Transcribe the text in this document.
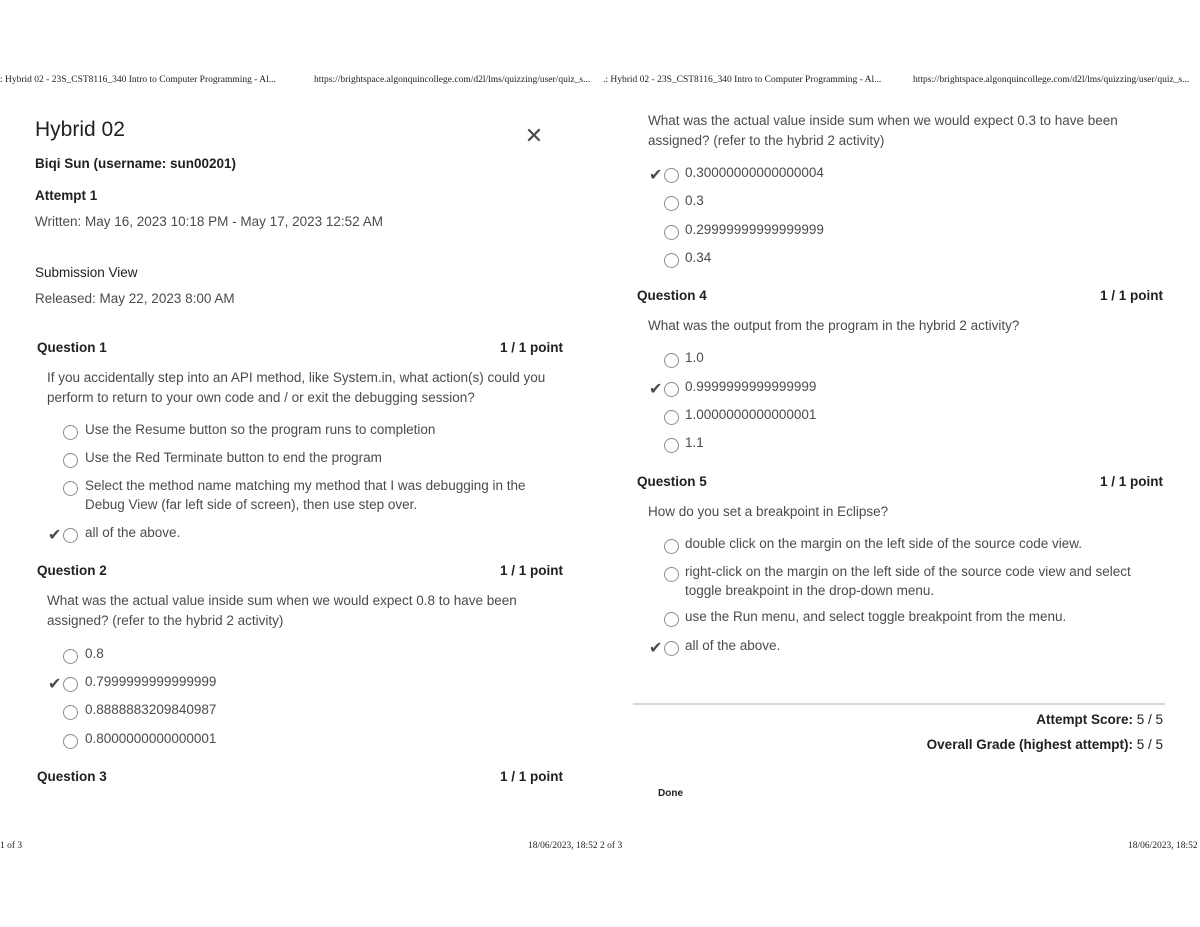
: Hybrid 02 - 23S_CST8116_340 Intro to Computer Programming - Al...	https://brightspace.algonquincollege.com/d2l/lms/quizzing/user/quiz_s... .: Hybrid 02 - 23S_CST8116_340 Intro to Computer Programming - Al...	https://brightspace.algonquincollege.com/d2l/lms/quizzing/user/quiz_s...
1 of 3	18/06/2023, 18:52 2 of 3	18/06/2023, 18:52
Hybrid 02	✕
Biqi Sun (username: sun00201)
Attempt 1
Written: May 16, 2023 10:18 PM - May 17, 2023 12:52 AM
Submission View
Released: May 22, 2023 8:00 AM
Question 1	1 / 1 point
If you accidentally step into an API method, like System.in, what action(s) could you perform to return to your own code and / or exit the debugging session?
Use the Resume button so the program runs to completion
Use the Red Terminate button to end the program
Select the method name matching my method that I was debugging in the Debug View (far left side of screen), then use step over.
✔ all of the above.
Question 2	1 / 1 point
What was the actual value inside sum when we would expect 0.8 to have been assigned? (refer to the hybrid 2 activity)
0.8
✔ 0.7999999999999999
0.8888883209840987
0.8000000000000001
Question 3	1 / 1 point
What was the actual value inside sum when we would expect 0.3 to have been assigned? (refer to the hybrid 2 activity)
✔ 0.30000000000000004
0.3
0.29999999999999999
0.34
Question 4	1 / 1 point
What was the output from the program in the hybrid 2 activity?
1.0
✔ 0.9999999999999999
1.0000000000000001
1.1
Question 5	1 / 1 point
How do you set a breakpoint in Eclipse?
double click on the margin on the left side of the source code view.
right-click on the margin on the left side of the source code view and select toggle breakpoint in the drop-down menu.
use the Run menu, and select toggle breakpoint from the menu.
✔ all of the above.
Attempt Score: 5 / 5
Overall Grade (highest attempt): 5 / 5
Done
